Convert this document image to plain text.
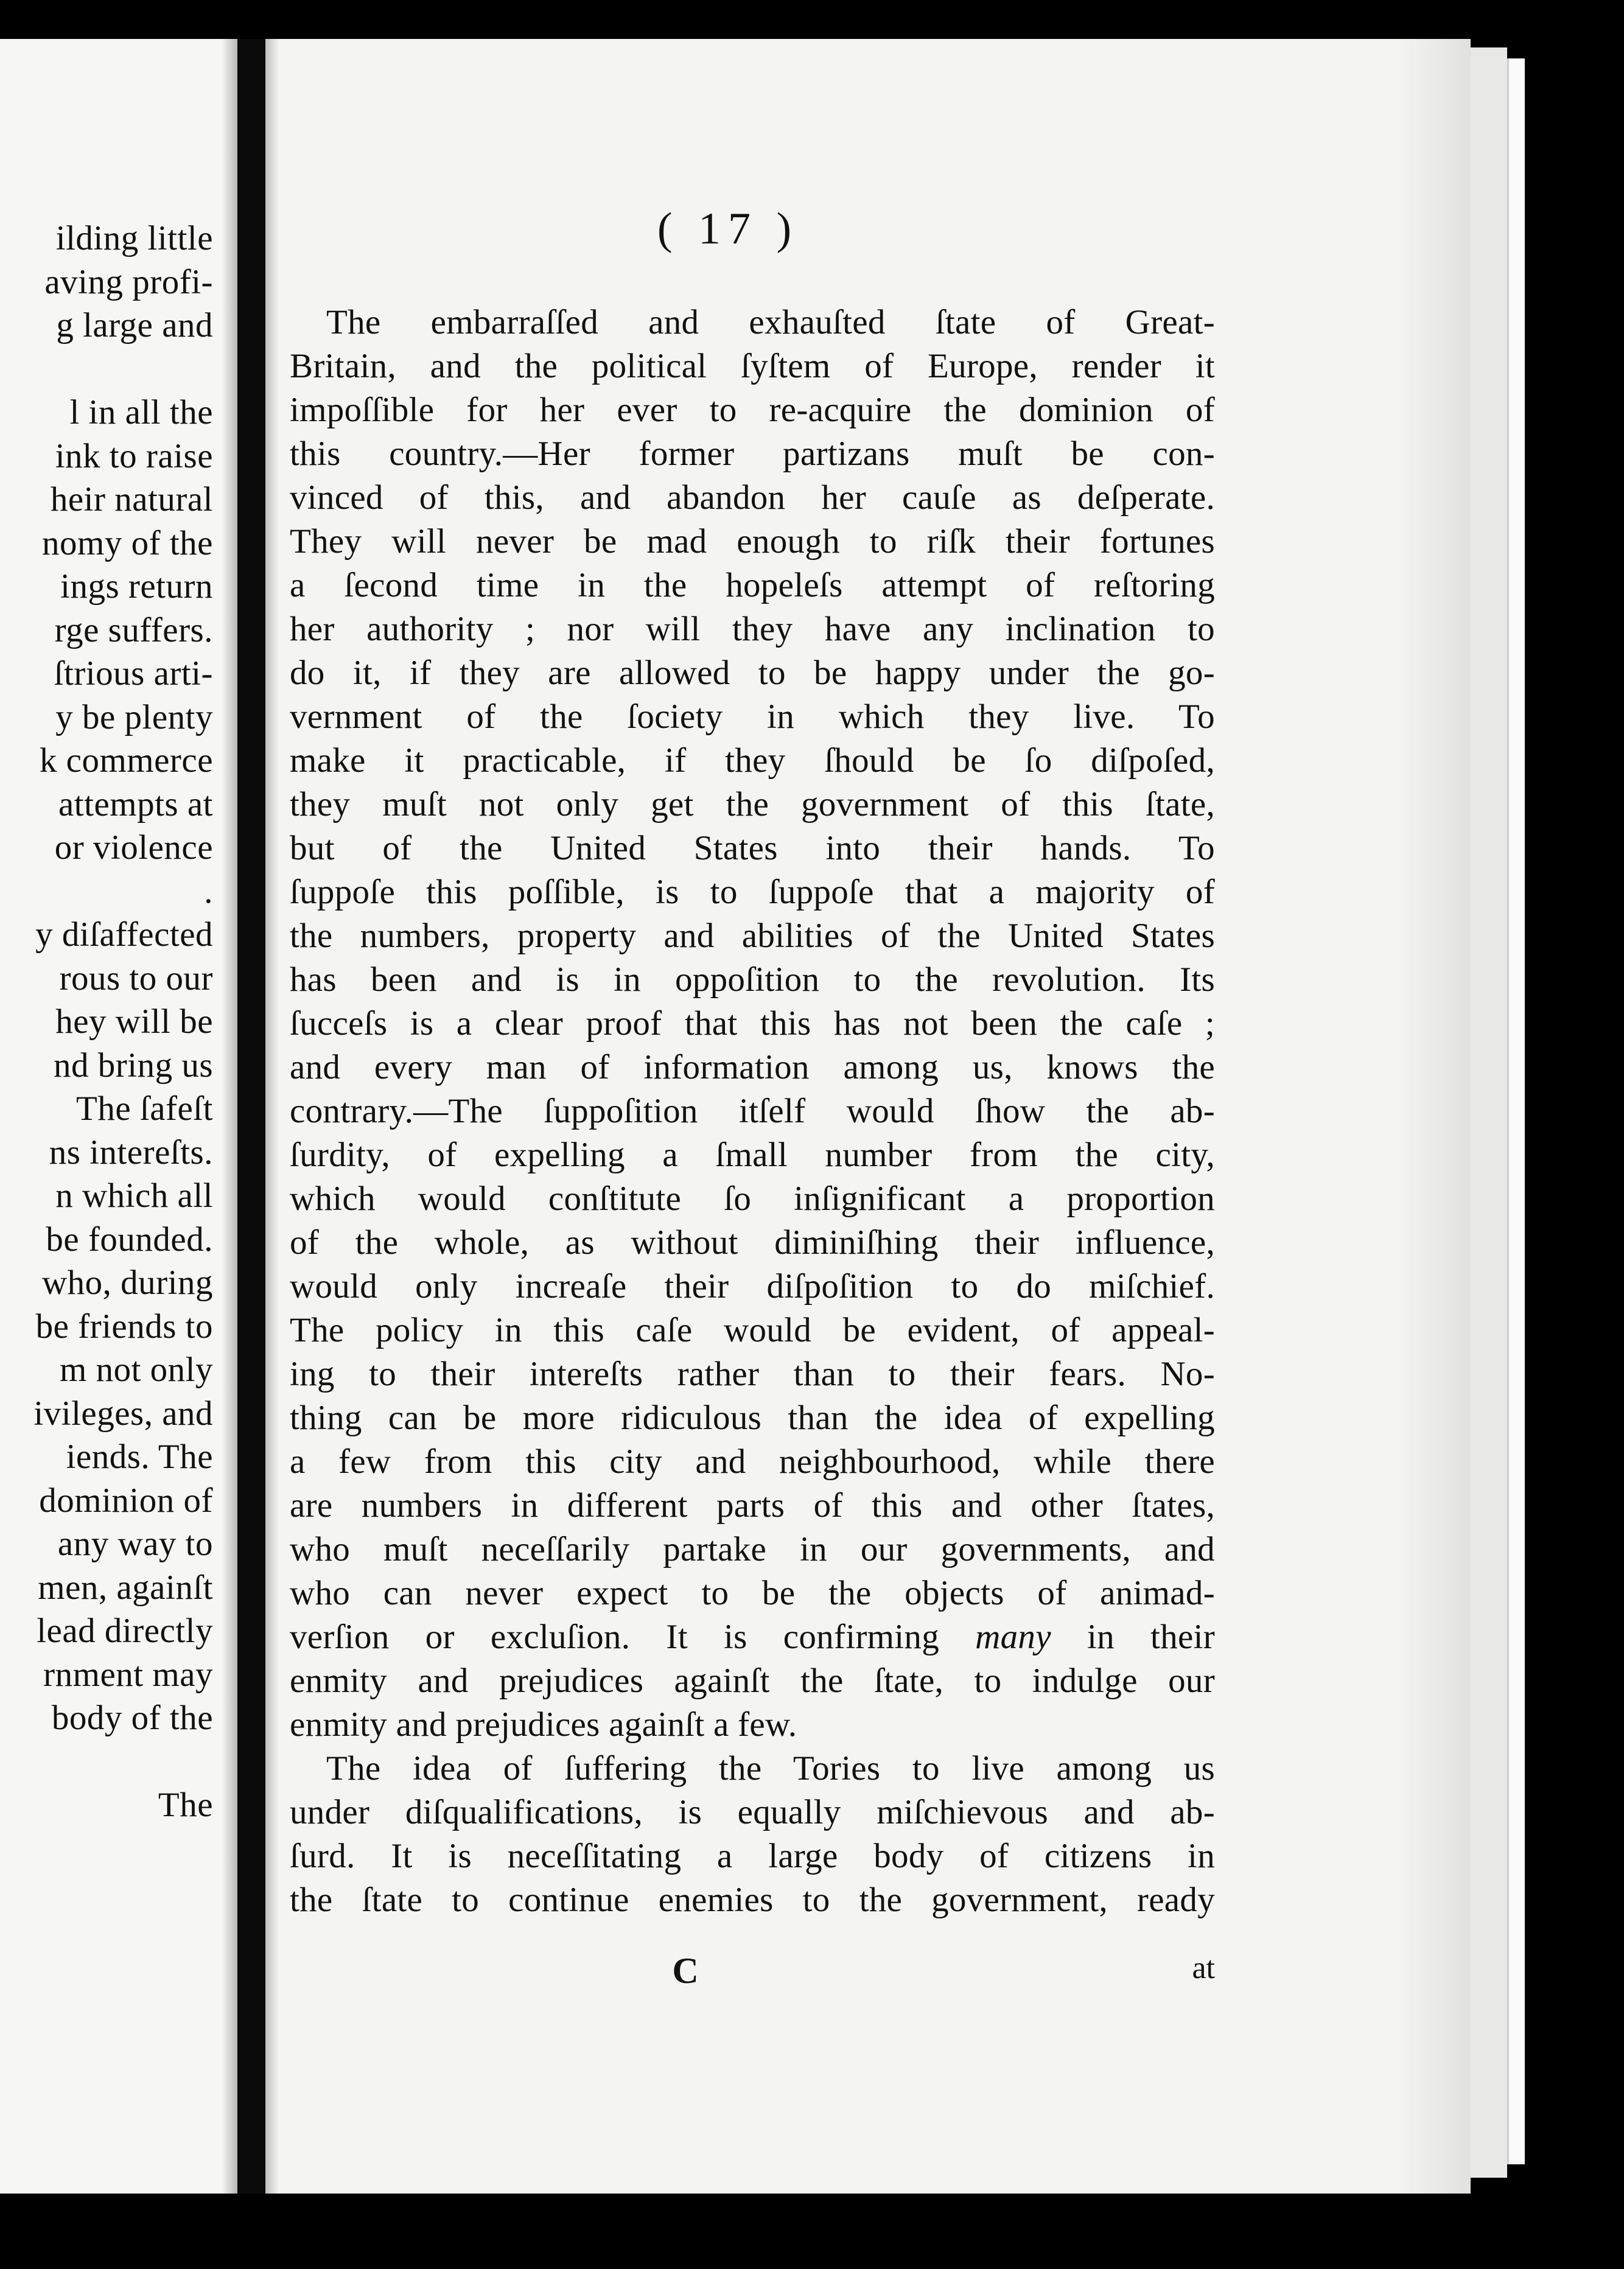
ilding little
aving profi-
g large and
l in all the
ink to raise
heir natural
nomy of the
ings return
rge suffers.
ſtrious arti-
y be plenty
k commerce
attempts at
or violence
.
y diſaffected
rous to our
hey will be
nd bring us
The ſafeſt
ns intereſts.
n which all
be founded.
who, during
be friends to
m not only
ivileges, and
iends. The
dominion of
any way to
men, againſt
lead directly
rnment may
body of the
The
( 17 )
The embarraſſed and exhauſted ſtate of Great-
Britain, and the political ſyſtem of Europe, render it
impoſſible for her ever to re-acquire the dominion of
this country.—Her former partizans muſt be con-
vinced of this, and abandon her cauſe as deſperate.
They will never be mad enough to riſk their fortunes
a ſecond time in the hopeleſs attempt of reſtoring
her authority ; nor will they have any inclination to
do it, if they are allowed to be happy under the go-
vernment of the ſociety in which they live. To
make it practicable, if they ſhould be ſo diſpoſed,
they muſt not only get the government of this ſtate,
but of the United States into their hands. To
ſuppoſe this poſſible, is to ſuppoſe that a majority of
the numbers, property and abilities of the United States
has been and is in oppoſition to the revolution. Its
ſucceſs is a clear proof that this has not been the caſe ;
and every man of information among us, knows the
contrary.—The ſuppoſition itſelf would ſhow the ab-
ſurdity, of expelling a ſmall number from the city,
which would conſtitute ſo inſignificant a proportion
of the whole, as without diminiſhing their influence,
would only increaſe their diſpoſition to do miſchief.
The policy in this caſe would be evident, of appeal-
ing to their intereſts rather than to their fears. No-
thing can be more ridiculous than the idea of expelling
a few from this city and neighbourhood, while there
are numbers in different parts of this and other ſtates,
who muſt neceſſarily partake in our governments, and
who can never expect to be the objects of animad-
verſion or excluſion. It is confirming many in their
enmity and prejudices againſt the ſtate, to indulge our
enmity and prejudices againſt a few.
The idea of ſuffering the Tories to live among us
under diſqualifications, is equally miſchievous and ab-
ſurd. It is neceſſitating a large body of citizens in
the ſtate to continue enemies to the government, ready
C	at
